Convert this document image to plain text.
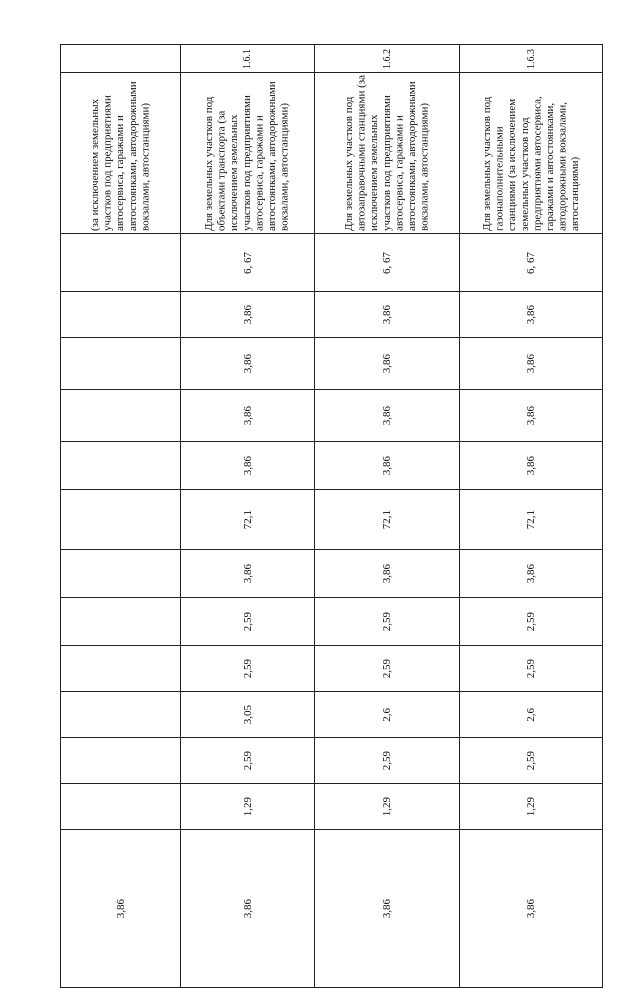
	1.6.1	1.6.2	1.6.3

(за исключением земельных участков под предприятиями автосервиса, гаражами и автостоянками, автодорожными вокзалами, автостанциями)	Для земельных участков под объектами транспорта (за исключением земельных участков под предприятиями автосервиса, гаражами и автостоянками, автодорожными вокзалами, автостанциями)	Для земельных участков под автозаправочными станциями (за исключением земельных участков под предприятиями автосервиса, гаражами и автостоянками, автодорожными вокзалами, автостанциями)	Для земельных участков под газонаполнительными станциями (за исключением земельных участков под предприятиями автосервиса, гаражами и автостоянками, автодорожными вокзалами, автостанциями)

	6, 67	6, 67	6, 67

	3,86	3,86	3,86

	3,86	3,86	3,86

	3,86	3,86	3,86

	3,86	3,86	3,86

	72,1	72,1	72,1

	3,86	3,86	3,86

	2,59	2,59	2,59

	2,59	2,59	2,59

	3,05	2,6	2,6

	2,59	2,59	2,59

	1,29	1,29	1,29

3,86	3,86	3,86	3,86
